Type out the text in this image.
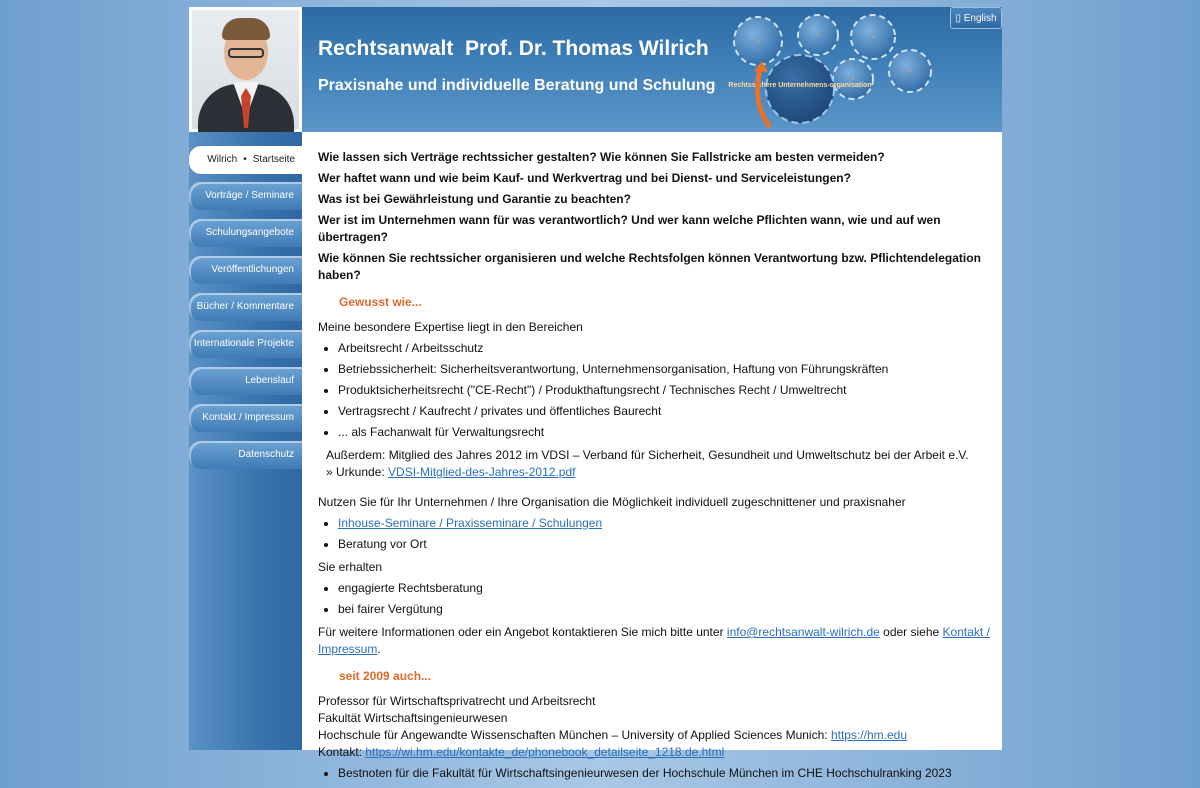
Rechtsanwalt  Prof. Dr. Thomas Wilrich
Praxisnahe und individuelle Beratung und Schulung Rechtssichere Unternehmens-organisation
▯ English
Wilrich • Startseite
Vorträge / Seminare
Schulungsangebote
Veröffentlichungen
Bücher / Kommentare
Internationale Projekte
Lebenslauf
Kontakt / Impressum
Datenschutz

Wie lassen sich Verträge rechtssicher gestalten? Wie können Sie Fallstricke am besten vermeiden?

Wer haftet wann und wie beim Kauf- und Werkvertrag und bei Dienst- und Serviceleistungen?

Was ist bei Gewährleistung und Garantie zu beachten?

Wer ist im Unternehmen wann für was verantwortlich? Und wer kann welche Pflichten wann, wie und auf wen übertragen?

Wie können Sie rechtssicher organisieren und welche Rechtsfolgen können Verantwortung bzw. Pflichtendelegation haben?

Gewusst wie...

Meine besondere Expertise liegt in den Bereichen

• Arbeitsrecht / Arbeitsschutz
• Betriebssicherheit: Sicherheitsverantwortung, Unternehmensorganisation, Haftung von Führungskräften
• Produktsicherheitsrecht ("CE-Recht") / Produkthaftungsrecht / Technisches Recht / Umweltrecht
• Vertragsrecht / Kaufrecht / privates und öffentliches Baurecht
• ... als Fachanwalt für Verwaltungsrecht

Außerdem: Mitglied des Jahres 2012 im VDSI – Verband für Sicherheit, Gesundheit und Umweltschutz bei der Arbeit e.V.

» Urkunde: VDSI-Mitglied-des-Jahres-2012.pdf

Nutzen Sie für Ihr Unternehmen / Ihre Organisation die Möglichkeit individuell zugeschnittener und praxisnaher

• Inhouse-Seminare / Praxisseminare / Schulungen
• Beratung vor Ort

Sie erhalten

• engagierte Rechtsberatung
• bei fairer Vergütung

Für weitere Informationen oder ein Angebot kontaktieren Sie mich bitte unter info@rechtsanwalt-wilrich.de oder siehe Kontakt / Impressum.

seit 2009 auch...

Professor für Wirtschaftsprivatrecht und Arbeitsrecht

Fakultät Wirtschaftsingenieurwesen

Hochschule für Angewandte Wissenschaften München – University of Applied Sciences Munich: https://hm.edu

Kontakt: https://wi.hm.edu/kontakte_de/phonebook_detailseite_1218.de.html

• Bestnoten für die Fakultät für Wirtschaftsingenieurwesen der Hochschule München im CHE Hochschulranking 2023
